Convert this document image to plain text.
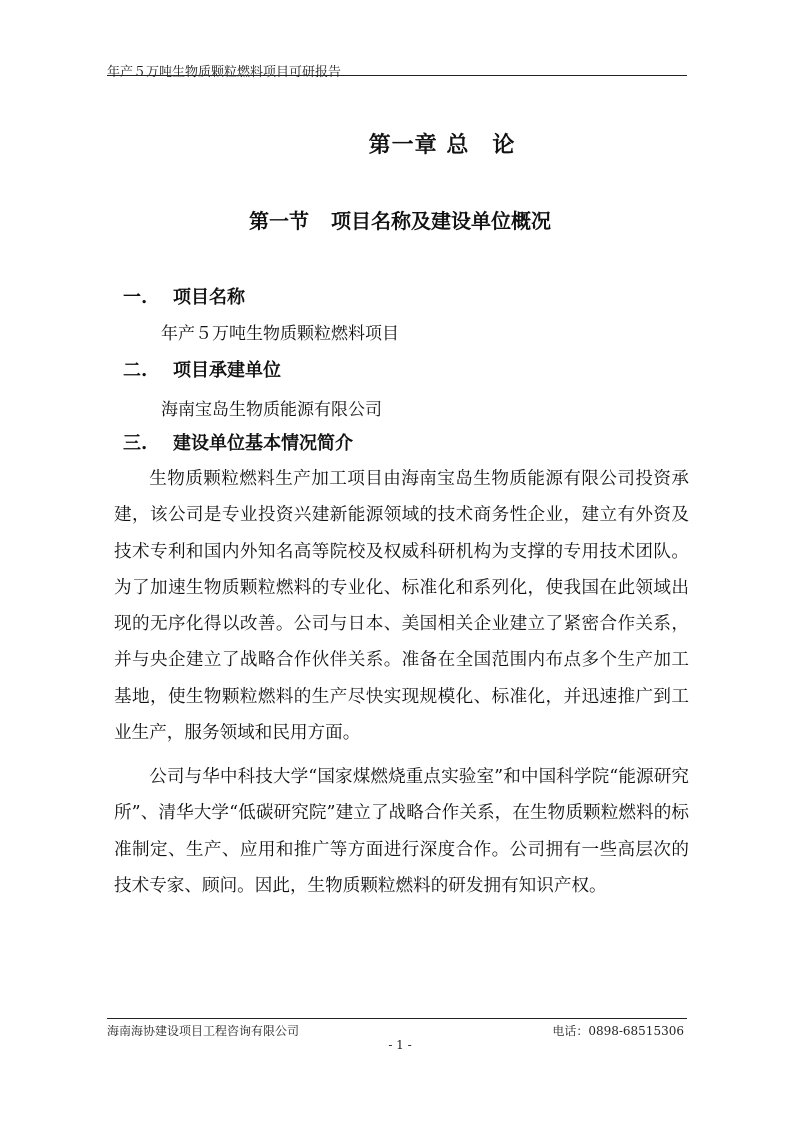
年产５万吨生物质颗粒燃料项目可研报告
第一章 总　论
第一节 项目名称及建设单位概况
一. 项目名称
年产５万吨生物质颗粒燃料项目
二. 项目承建单位
海南宝岛生物质能源有限公司
三. 建设单位基本情况简介
生物质颗粒燃料生产加工项目由海南宝岛生物质能源有限公司投资承建，该公司是专业投资兴建新能源领域的技术商务性企业，建立有外资及技术专利和国内外知名高等院校及权威科研机构为支撑的专用技术团队。为了加速生物质颗粒燃料的专业化、标准化和系列化，使我国在此领域出现的无序化得以改善。公司与日本、美国相关企业建立了紧密合作关系，并与央企建立了战略合作伙伴关系。准备在全国范围内布点多个生产加工基地，使生物颗粒燃料的生产尽快实现规模化、标准化，并迅速推广到工业生产，服务领域和民用方面。
公司与华中科技大学“国家煤燃烧重点实验室”和中国科学院“能源研究所”、清华大学“低碳研究院”建立了战略合作关系，在生物质颗粒燃料的标准制定、生产、应用和推广等方面进行深度合作。公司拥有一些高层次的技术专家、顾问。因此，生物质颗粒燃料的研发拥有知识产权。
海南海协建设项目工程咨询有限公司	电话：0898-68515306
- 1 -
